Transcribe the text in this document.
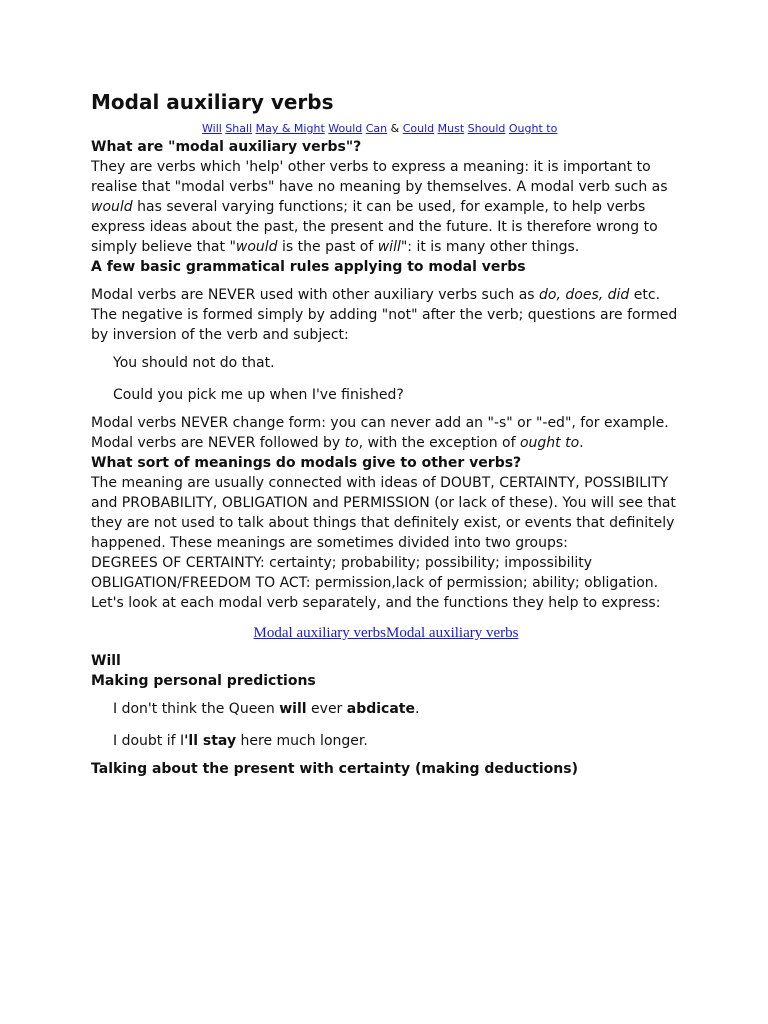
Modal auxiliary verbs
Will Shall May & Might Would Can & Could Must Should Ought to
What are "modal auxiliary verbs"?

They are verbs which 'help' other verbs to express a meaning: it is important to realise that "modal verbs" have no meaning by themselves. A modal verb such as would has several varying functions; it can be used, for example, to help verbs express ideas about the past, the present and the future. It is therefore wrong to simply believe that "would is the past of will": it is many other things.

A few basic grammatical rules applying to modal verbs

Modal verbs are NEVER used with other auxiliary verbs such as do, does, did etc. The negative is formed simply by adding "not" after the verb; questions are formed by inversion of the verb and subject:

You should not do that.
Could you pick me up when I've finished?

Modal verbs NEVER change form: you can never add an "-s" or "-ed", for example.

Modal verbs are NEVER followed by to, with the exception of ought to.

What sort of meanings do modals give to other verbs?

The meaning are usually connected with ideas of DOUBT, CERTAINTY, POSSIBILITY and PROBABILITY, OBLIGATION and PERMISSION (or lack of these). You will see that they are not used to talk about things that definitely exist, or events that definitely happened. These meanings are sometimes divided into two groups:

DEGREES OF CERTAINTY: certainty; probability; possibility; impossibility

OBLIGATION/FREEDOM TO ACT: permission,lack of permission; ability; obligation.

Let's look at each modal verb separately, and the functions they help to express:

Modal auxiliary verbsModal auxiliary verbs
Will
Making personal predictions
I don't think the Queen will ever abdicate.
I doubt if I'll stay here much longer.
Talking about the present with certainty (making deductions)
